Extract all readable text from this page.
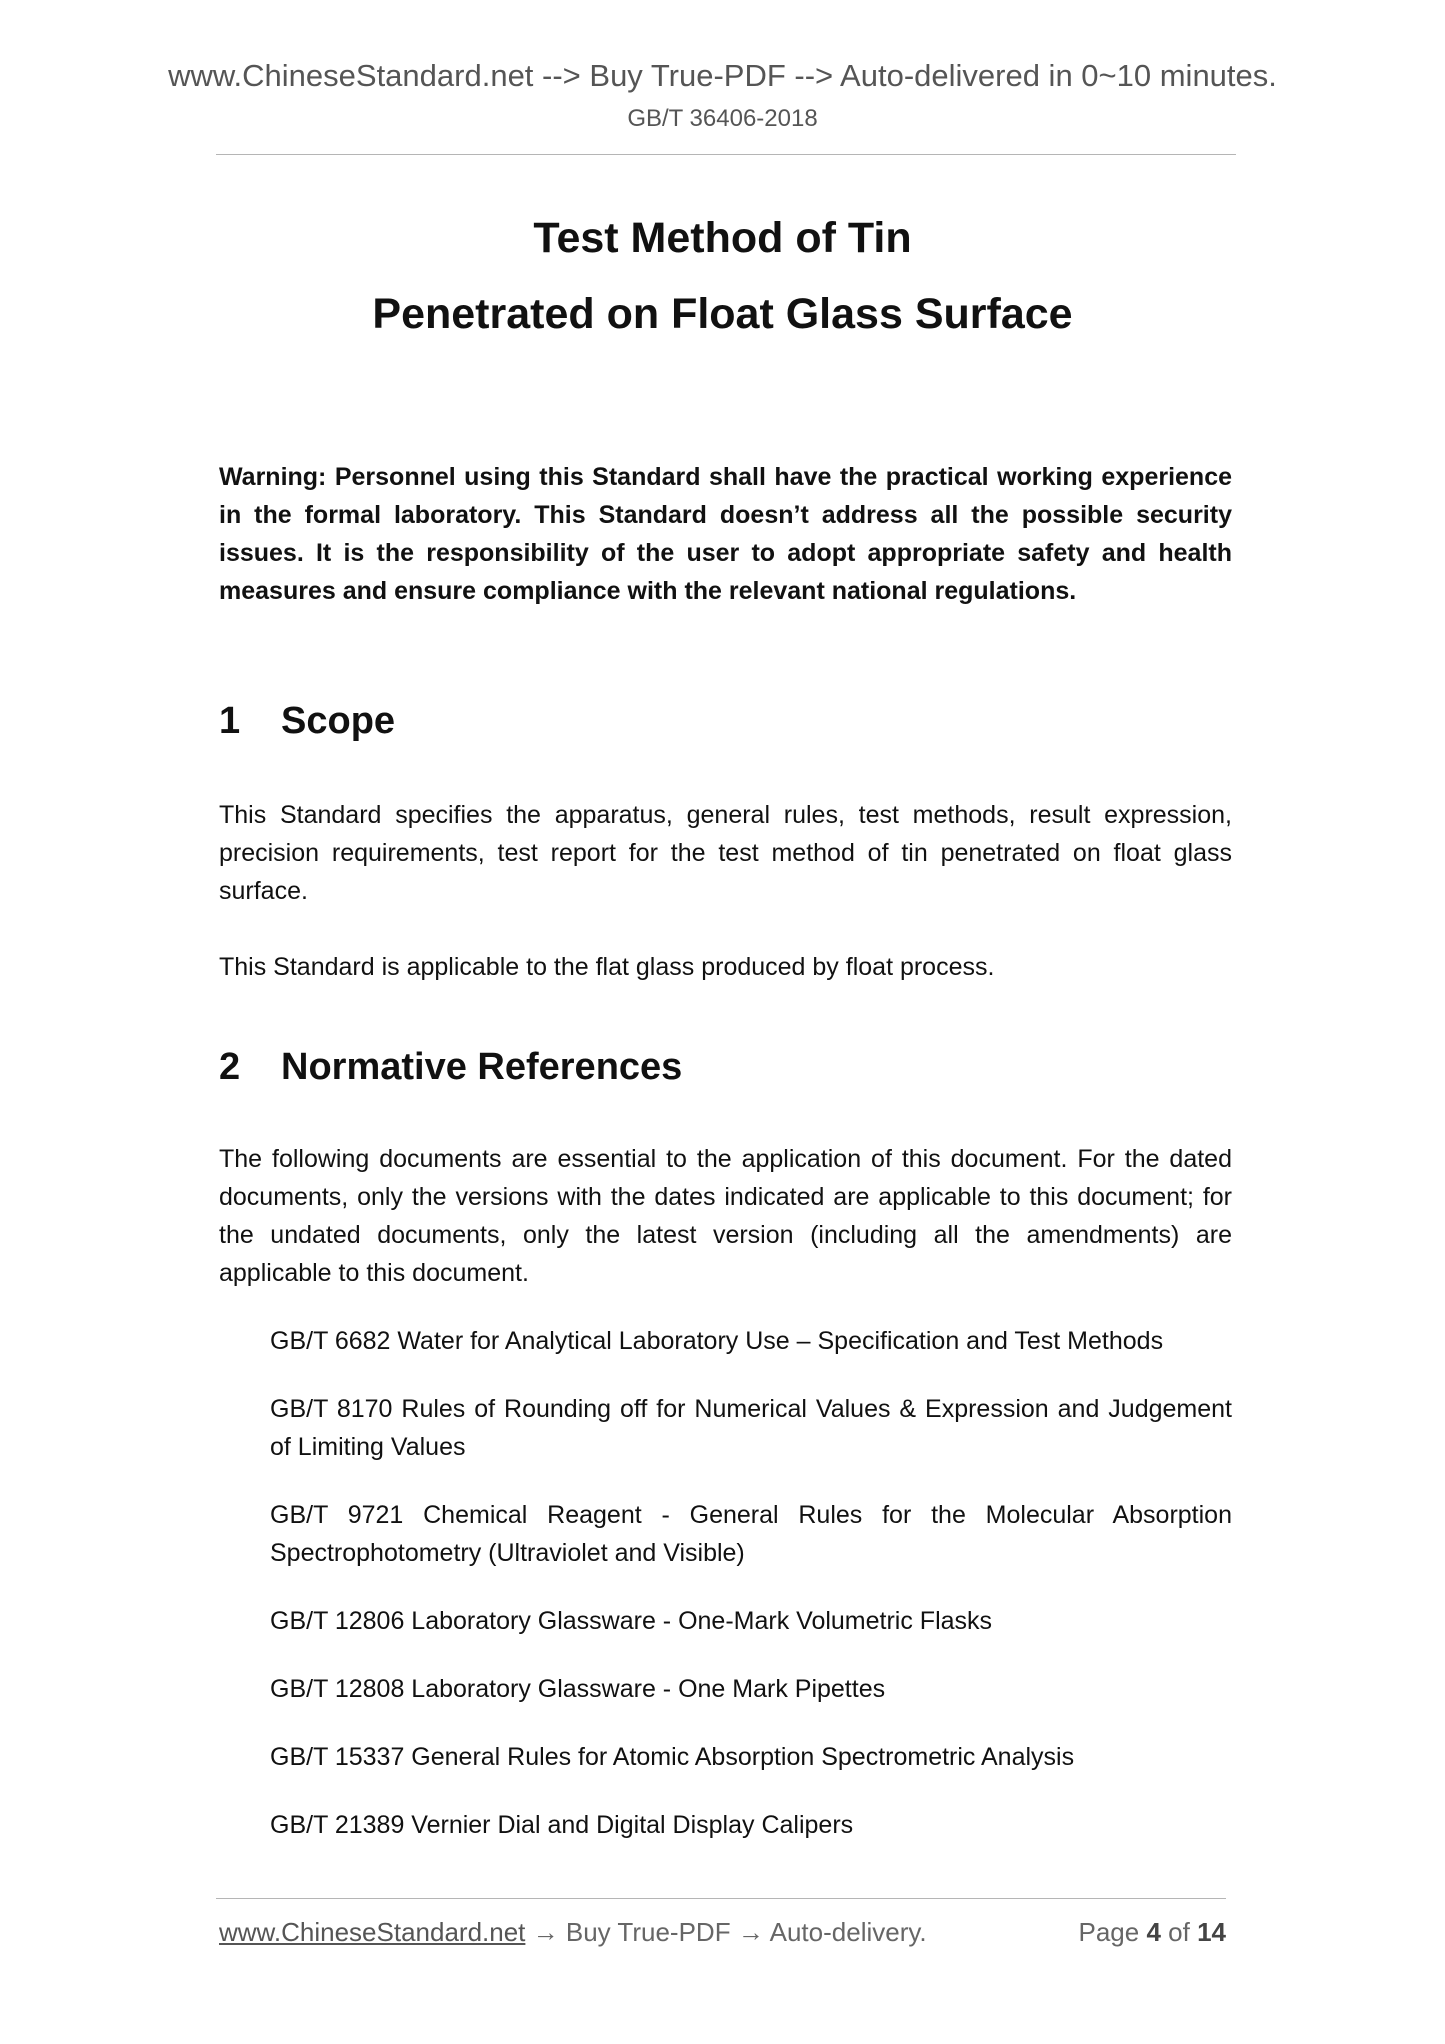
www.ChineseStandard.net --> Buy True-PDF --> Auto-delivered in 0~10 minutes.
GB/T 36406-2018
Test Method of Tin
Penetrated on Float Glass Surface
Warning: Personnel using this Standard shall have the practical working experience in the formal laboratory. This Standard doesn’t address all the possible security issues. It is the responsibility of the user to adopt appropriate safety and health measures and ensure compliance with the relevant national regulations.
1 Scope
This Standard specifies the apparatus, general rules, test methods, result expression, precision requirements, test report for the test method of tin penetrated on float glass surface.
This Standard is applicable to the flat glass produced by float process.
2 Normative References
The following documents are essential to the application of this document. For the dated documents, only the versions with the dates indicated are applicable to this document; for the undated documents, only the latest version (including all the amendments) are applicable to this document.
GB/T 6682 Water for Analytical Laboratory Use – Specification and Test Methods
GB/T 8170 Rules of Rounding off for Numerical Values & Expression and Judgement of Limiting Values
GB/T 9721 Chemical Reagent - General Rules for the Molecular Absorption Spectrophotometry (Ultraviolet and Visible)
GB/T 12806 Laboratory Glassware - One-Mark Volumetric Flasks
GB/T 12808 Laboratory Glassware - One Mark Pipettes
GB/T 15337 General Rules for Atomic Absorption Spectrometric Analysis
GB/T 21389 Vernier Dial and Digital Display Calipers
www.ChineseStandard.net → Buy True-PDF → Auto-delivery.	Page 4 of 14
